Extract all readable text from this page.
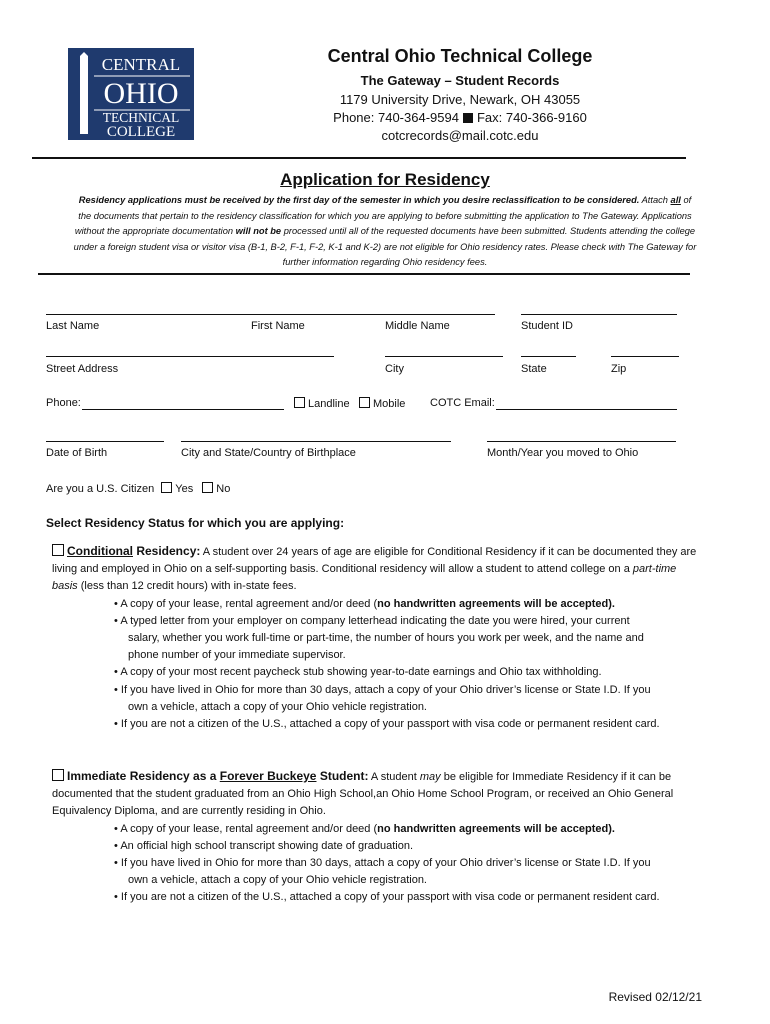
CENTRAL
OHIO
TECHNICAL
COLLEGE
Central Ohio Technical College
The Gateway – Student Records
1179 University Drive, Newark, OH 43055
Phone: 740-364-9594 Fax: 740-366-9160
cotcrecords@mail.cotc.edu
Application for Residency
Residency applications must be received by the first day of the semester in which you desire reclassification to be considered. Attach all of the documents that pertain to the residency classification for which you are applying to before submitting the application to The Gateway. Applications without the appropriate documentation will not be processed until all of the requested documents have been submitted. Students attending the college under a foreign student visa or visitor visa (B-1, B-2, F-1, F-2, K-1 and K-2) are not eligible for Ohio residency rates. Please check with The Gateway for further information regarding Ohio residency fees.
Last Name	First Name	Middle Name	Student ID
Street Address	City	State	Zip
Phone:	Landline	Mobile COTC Email:
Date of Birth	City and State/Country of Birthplace	Month/Year you moved to Ohio
Are you a U.S. Citizen Yes No
Select Residency Status for which you are applying:

Conditional Residency: A student over 24 years of age are eligible for Conditional Residency if it can be documented they are living and employed in Ohio on a self-supporting basis. Conditional residency will allow a student to attend college on a part-time basis (less than 12 credit hours) with in-state fees.

• A copy of your lease, rental agreement and/or deed (no handwritten agreements will be accepted).
• A typed letter from your employer on company letterhead indicating the date you were hired, your current
salary, whether you work full-time or part-time, the number of hours you work per week, and the name and
phone number of your immediate supervisor.
• A copy of your most recent paycheck stub showing year-to-date earnings and Ohio tax withholding.
• If you have lived in Ohio for more than 30 days, attach a copy of your Ohio driver’s license or State I.D. If you
own a vehicle, attach a copy of your Ohio vehicle registration.
• If you are not a citizen of the U.S., attached a copy of your passport with visa code or permanent resident card.

Immediate Residency as a Forever Buckeye Student: A student may be eligible for Immediate Residency if it can be documented that the student graduated from an Ohio High School,an Ohio Home School Program, or received an Ohio General Equivalency Diploma, and are currently residing in Ohio.

• A copy of your lease, rental agreement and/or deed (no handwritten agreements will be accepted).
• An official high school transcript showing date of graduation.
• If you have lived in Ohio for more than 30 days, attach a copy of your Ohio driver’s license or State I.D. If you
own a vehicle, attach a copy of your Ohio vehicle registration.
• If you are not a citizen of the U.S., attached a copy of your passport with visa code or permanent resident card.
Revised 02/12/21
